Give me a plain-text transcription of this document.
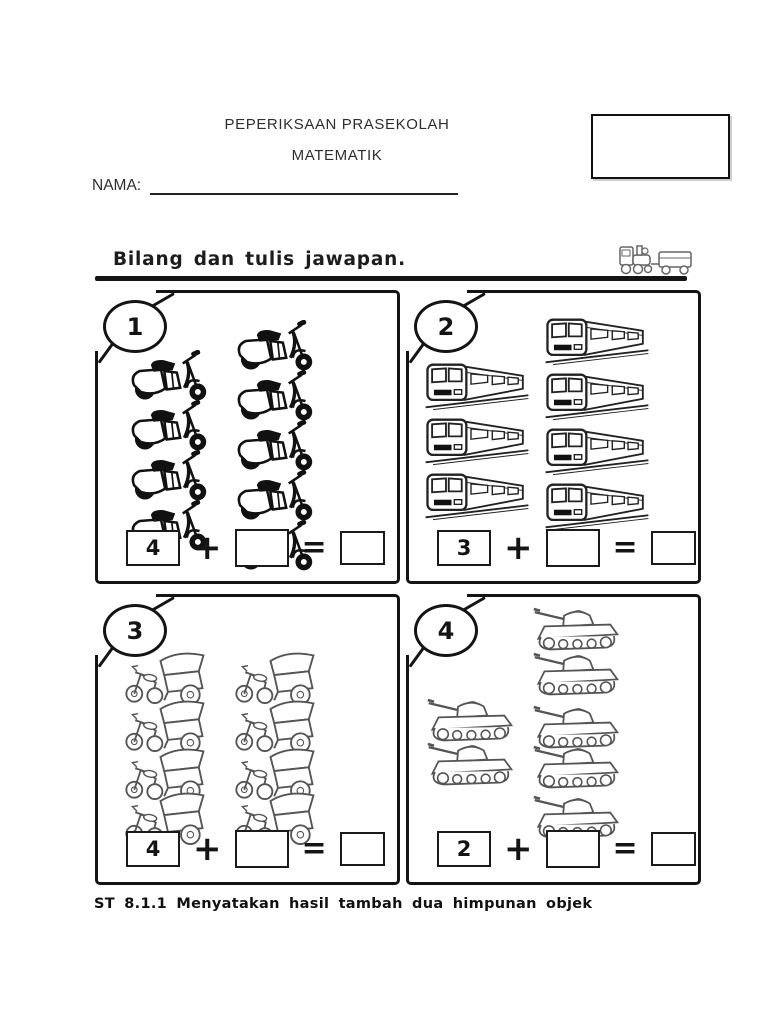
PEPERIKSAAN PRASEKOLAH
MATEMATIK
NAMA:
Bilang dan tulis jawapan.
1
4 +	=
2
3 +	=
3
4 +	=
4
2 +	=
ST 8.1.1 Menyatakan hasil tambah dua himpunan objek
